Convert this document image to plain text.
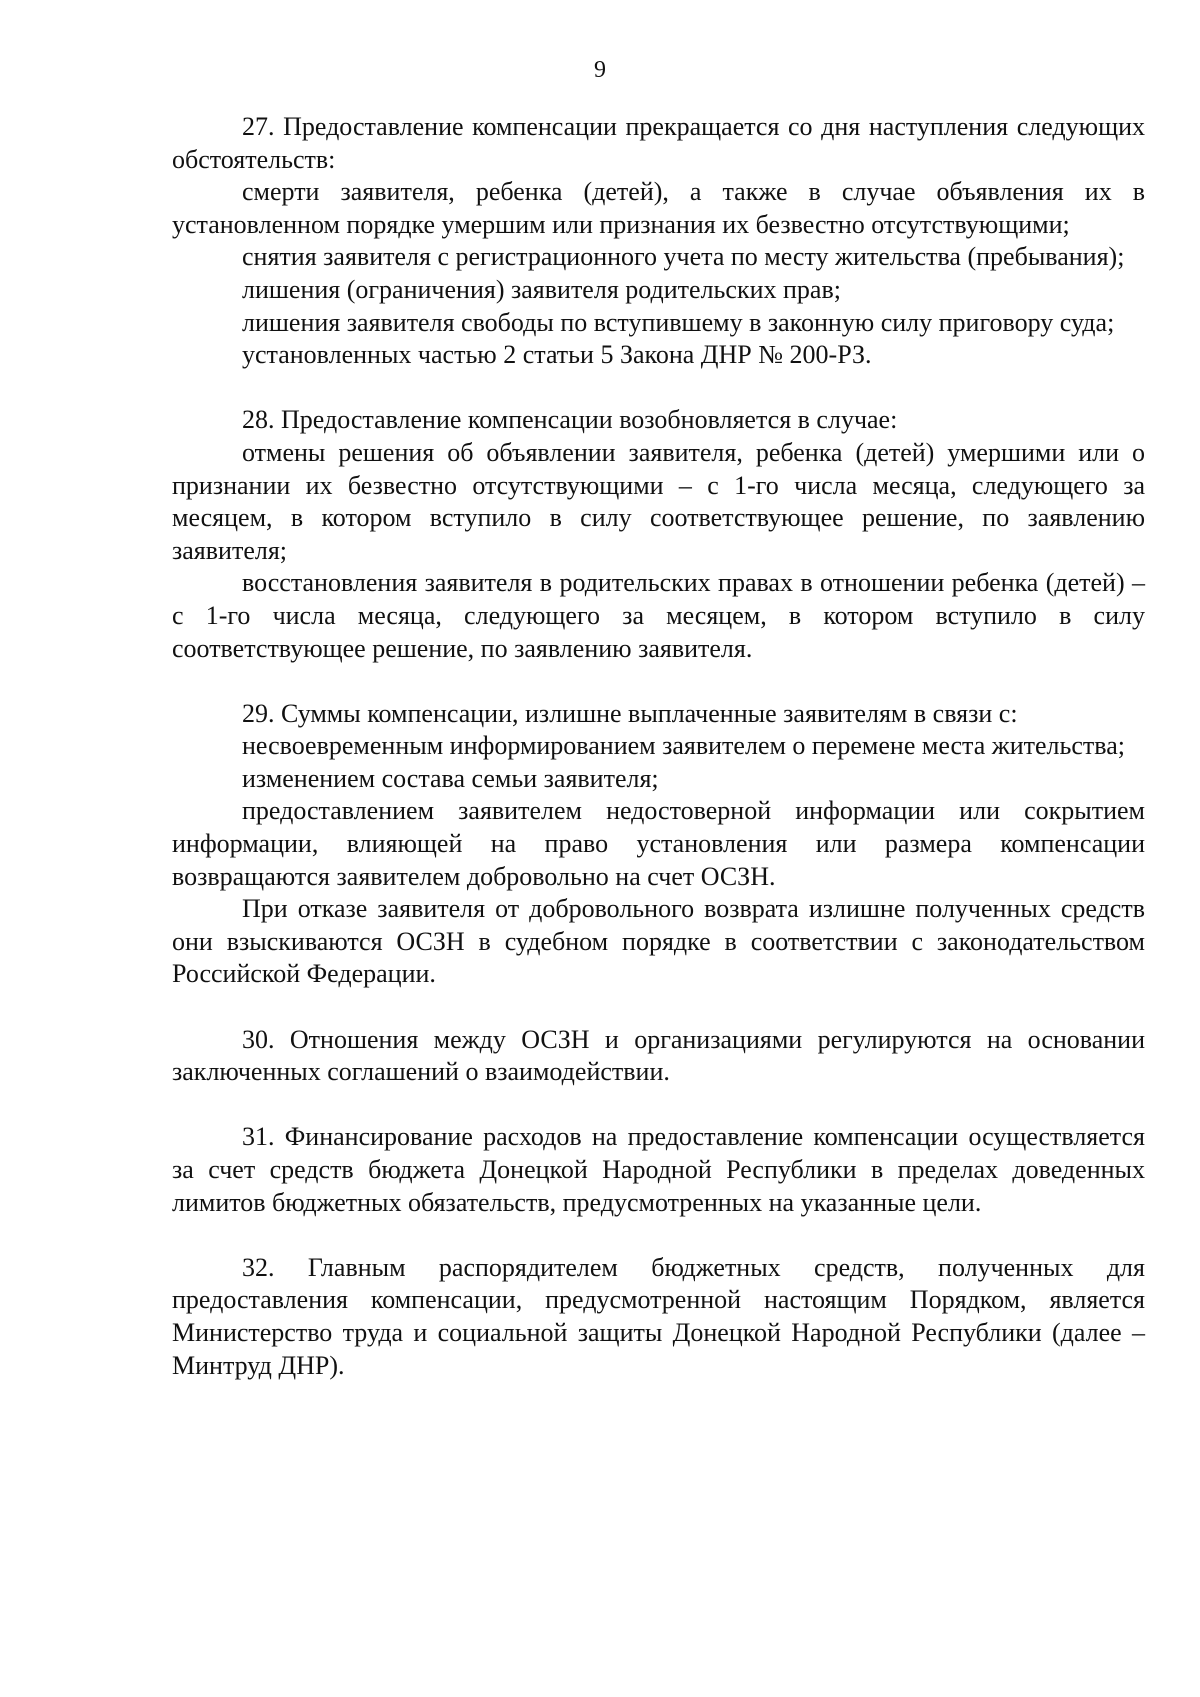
9

27. Предоставление компенсации прекращается со дня наступления следующих обстоятельств:

смерти заявителя, ребенка (детей), а также в случае объявления их в установленном порядке умершим или признания их безвестно отсутствующими;

снятия заявителя с регистрационного учета по месту жительства (пребывания);

лишения (ограничения) заявителя родительских прав;

лишения заявителя свободы по вступившему в законную силу приговору суда;

установленных частью 2 статьи 5 Закона ДНР № 200-РЗ.

28. Предоставление компенсации возобновляется в случае:

отмены решения об объявлении заявителя, ребенка (детей) умершими или о признании их безвестно отсутствующими – с 1-го числа месяца, следующего за месяцем, в котором вступило в силу соответствующее решение, по заявлению заявителя;

восстановления заявителя в родительских правах в отношении ребенка (детей) – с 1-го числа месяца, следующего за месяцем, в котором вступило в силу соответствующее решение, по заявлению заявителя.

29. Суммы компенсации, излишне выплаченные заявителям в связи с:

несвоевременным информированием заявителем о перемене места жительства;

изменением состава семьи заявителя;

предоставлением заявителем недостоверной информации или сокрытием информации, влияющей на право установления или размера компенсации возвращаются заявителем добровольно на счет ОСЗН.

При отказе заявителя от добровольного возврата излишне полученных средств они взыскиваются ОСЗН в судебном порядке в соответствии с законодательством Российской Федерации.

30. Отношения между ОСЗН и организациями регулируются на основании заключенных соглашений о взаимодействии.

31. Финансирование расходов на предоставление компенсации осуществляется за счет средств бюджета Донецкой Народной Республики в пределах доведенных лимитов бюджетных обязательств, предусмотренных на указанные цели.

32. Главным распорядителем бюджетных средств, полученных для предоставления компенсации, предусмотренной настоящим Порядком, является Министерство труда и социальной защиты Донецкой Народной Республики (далее – Минтруд ДНР).
